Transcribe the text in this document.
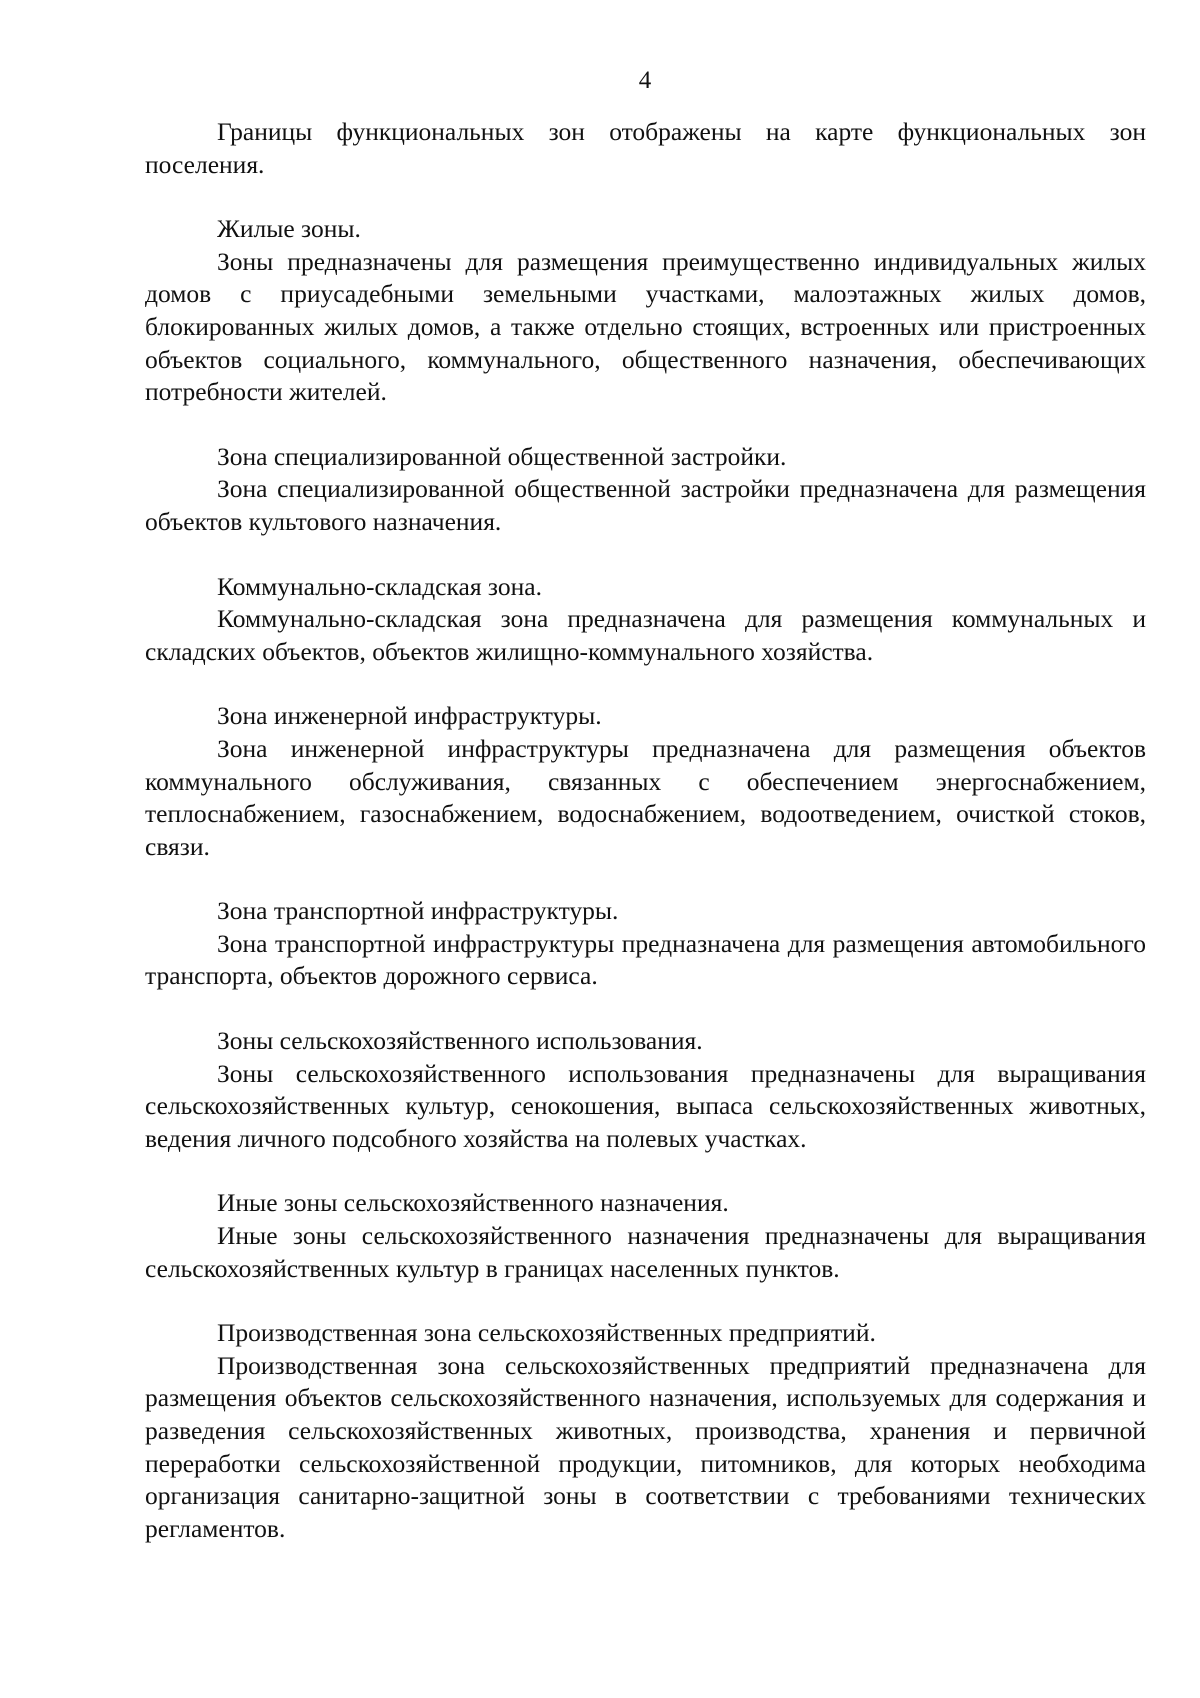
4

Границы функциональных зон отображены на карте функциональных зон поселения.

Жилые зоны.

Зоны предназначены для размещения преимущественно индивидуальных жилых домов с приусадебными земельными участками, малоэтажных жилых домов, блокированных жилых домов, а также отдельно стоящих, встроенных или пристроенных объектов социального, коммунального, общественного назначения, обеспечивающих потребности жителей.

Зона специализированной общественной застройки.

Зона специализированной общественной застройки предназначена для размещения объектов культового назначения.

Коммунально-складская зона.

Коммунально-складская зона предназначена для размещения коммунальных и складских объектов, объектов жилищно-коммунального хозяйства.

Зона инженерной инфраструктуры.

Зона инженерной инфраструктуры предназначена для размещения объектов коммунального обслуживания, связанных с обеспечением энергоснабжением, теплоснабжением, газоснабжением, водоснабжением, водоотведением, очисткой стоков, связи.

Зона транспортной инфраструктуры.

Зона транспортной инфраструктуры предназначена для размещения автомобильного транспорта, объектов дорожного сервиса.

Зоны сельскохозяйственного использования.

Зоны сельскохозяйственного использования предназначены для выращивания сельскохозяйственных культур, сенокошения, выпаса сельскохозяйственных животных, ведения личного подсобного хозяйства на полевых участках.

Иные зоны сельскохозяйственного назначения.

Иные зоны сельскохозяйственного назначения предназначены для выращивания сельскохозяйственных культур в границах населенных пунктов.

Производственная зона сельскохозяйственных предприятий.

Производственная зона сельскохозяйственных предприятий предназначена для размещения объектов сельскохозяйственного назначения, используемых для содержания и разведения сельскохозяйственных животных, производства, хранения и первичной переработки сельскохозяйственной продукции, питомников, для которых необходима организация санитарно-защитной зоны в соответствии с требованиями технических регламентов.
